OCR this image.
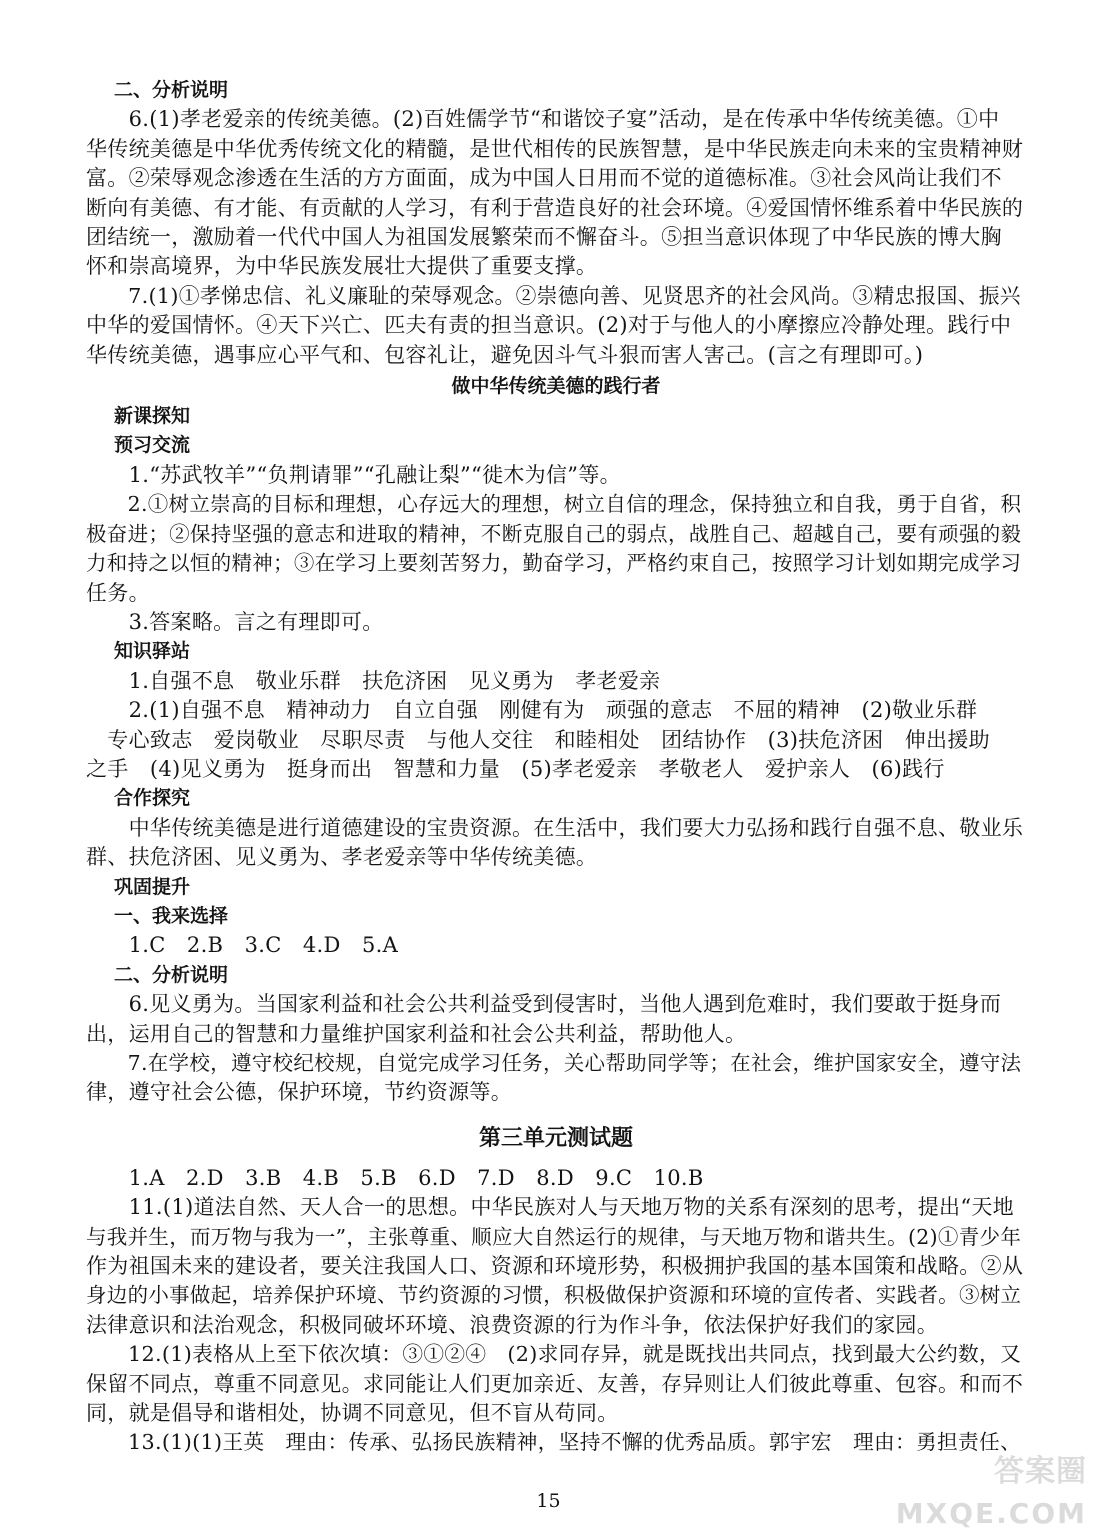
二、分析说明
　　6.(1)孝老爱亲的传统美德。(2)百姓儒学节“和谐饺子宴”活动，是在传承中华传统美德。①中
华传统美德是中华优秀传统文化的精髓，是世代相传的民族智慧，是中华民族走向未来的宝贵精神财
富。②荣辱观念渗透在生活的方方面面，成为中国人日用而不觉的道德标准。③社会风尚让我们不
断向有美德、有才能、有贡献的人学习，有利于营造良好的社会环境。④爱国情怀维系着中华民族的
团结统一，激励着一代代中国人为祖国发展繁荣而不懈奋斗。⑤担当意识体现了中华民族的博大胸
怀和崇高境界，为中华民族发展壮大提供了重要支撑。
　　7.(1)①孝悌忠信、礼义廉耻的荣辱观念。②崇德向善、见贤思齐的社会风尚。③精忠报国、振兴
中华的爱国情怀。④天下兴亡、匹夫有责的担当意识。(2)对于与他人的小摩擦应冷静处理。践行中
华传统美德，遇事应心平气和、包容礼让，避免因斗气斗狠而害人害己。(言之有理即可。)
做中华传统美德的践行者
新课探知
预习交流
　　1.“苏武牧羊”“负荆请罪”“孔融让梨”“徙木为信”等。
　　2.①树立崇高的目标和理想，心存远大的理想，树立自信的理念，保持独立和自我，勇于自省，积
极奋进；②保持坚强的意志和进取的精神，不断克服自己的弱点，战胜自己、超越自己，要有顽强的毅
力和持之以恒的精神；③在学习上要刻苦努力，勤奋学习，严格约束自己，按照学习计划如期完成学习
任务。
　　3.答案略。言之有理即可。
知识驿站
　　1.自强不息　敬业乐群　扶危济困　见义勇为　孝老爱亲
　　2.(1)自强不息　精神动力　自立自强　刚健有为　顽强的意志　不屈的精神　(2)敬业乐群
　专心致志　爱岗敬业　尽职尽责　与他人交往　和睦相处　团结协作　(3)扶危济困　伸出援助
之手　(4)见义勇为　挺身而出　智慧和力量　(5)孝老爱亲　孝敬老人　爱护亲人　(6)践行
合作探究
　　中华传统美德是进行道德建设的宝贵资源。在生活中，我们要大力弘扬和践行自强不息、敬业乐
群、扶危济困、见义勇为、孝老爱亲等中华传统美德。
巩固提升
一、我来选择
　　1.C　2.B　3.C　4.D　5.A
二、分析说明
　　6.见义勇为。当国家利益和社会公共利益受到侵害时，当他人遇到危难时，我们要敢于挺身而
出，运用自己的智慧和力量维护国家利益和社会公共利益，帮助他人。
　　7.在学校，遵守校纪校规，自觉完成学习任务，关心帮助同学等；在社会，维护国家安全，遵守法
律，遵守社会公德，保护环境，节约资源等。
第三单元测试题
　　1.A　2.D　3.B　4.B　5.B　6.D　7.D　8.D　9.C　10.B
　　11.(1)道法自然、天人合一的思想。中华民族对人与天地万物的关系有深刻的思考，提出“天地
与我并生，而万物与我为一”，主张尊重、顺应大自然运行的规律，与天地万物和谐共生。(2)①青少年
作为祖国未来的建设者，要关注我国人口、资源和环境形势，积极拥护我国的基本国策和战略。②从
身边的小事做起，培养保护环境、节约资源的习惯，积极做保护资源和环境的宣传者、实践者。③树立
法律意识和法治观念，积极同破坏环境、浪费资源的行为作斗争，依法保护好我们的家园。
　　12.(1)表格从上至下依次填：③①②④　(2)求同存异，就是既找出共同点，找到最大公约数，又
保留不同点，尊重不同意见。求同能让人们更加亲近、友善，存异则让人们彼此尊重、包容。和而不
同，就是倡导和谐相处，协调不同意见，但不盲从苟同。
　　13.(1)(1)王英　理由：传承、弘扬民族精神，坚持不懈的优秀品质。郭宇宏　理由：勇担责任、
15
答案圈
MXQE.COM
